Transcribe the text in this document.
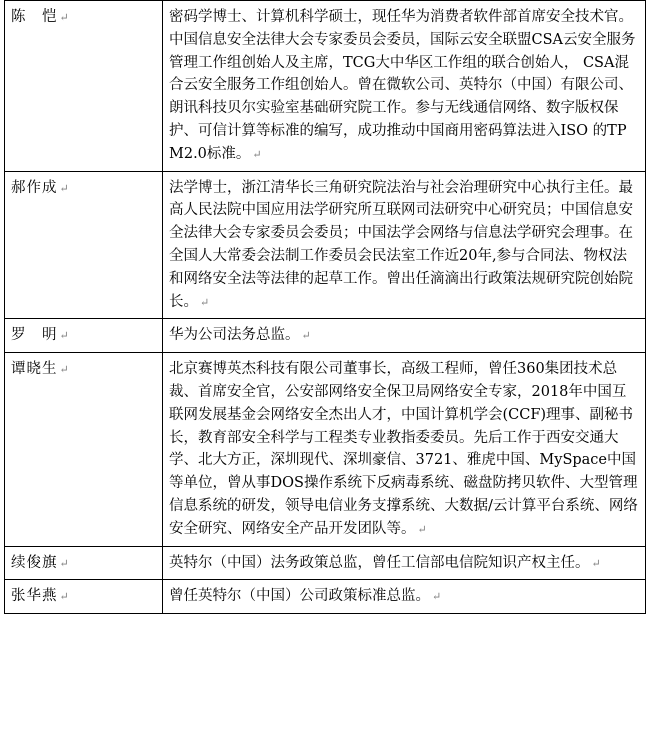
陈　恺 ↵	密码学博士、计算机科学硕士，现任华为消费者软件部首席安全技术官。中国信息安全法律大会专家委员会委员，国际云安全联盟CSA云安全服务管理工作组创始人及主席，TCG大中华区工作组的联合创始人， CSA混合云安全服务工作组创始人。曾在微软公司、英特尔（中国）有限公司、朗讯科技贝尔实验室基础研究院工作。参与无线通信网络、数字版权保护、可信计算等标准的编写，成功推动中国商用密码算法进入ISO 的TPM2.0标准。 ↵
郝作成 ↵	法学博士，浙江清华长三角研究院法治与社会治理研究中心执行主任。最高人民法院中国应用法学研究所互联网司法研究中心研究员；中国信息安全法律大会专家委员会委员；中国法学会网络与信息法学研究会理事。在全国人大常委会法制工作委员会民法室工作近20年,参与合同法、物权法和网络安全法等法律的起草工作。曾出任滴滴出行政策法规研究院创始院长。 ↵
罗　明 ↵	华为公司法务总监。 ↵
谭晓生 ↵	北京赛博英杰科技有限公司董事长，高级工程师，曾任360集团技术总裁、首席安全官，公安部网络安全保卫局网络安全专家，2018年中国互联网发展基金会网络安全杰出人才，中国计算机学会(CCF)理事、副秘书长，教育部安全科学与工程类专业教指委委员。先后工作于西安交通大学、北大方正，深圳现代、深圳豪信、3721、雅虎中国、MySpace中国等单位，曾从事DOS操作系统下反病毒系统、磁盘防拷贝软件、大型管理信息系统的研发，领导电信业务支撑系统、大数据/云计算平台系统、网络安全研究、网络安全产品开发团队等。 ↵
续俊旗 ↵	英特尔（中国）法务政策总监，曾任工信部电信院知识产权主任。 ↵
张华燕 ↵	曾任英特尔（中国）公司政策标准总监。 ↵
